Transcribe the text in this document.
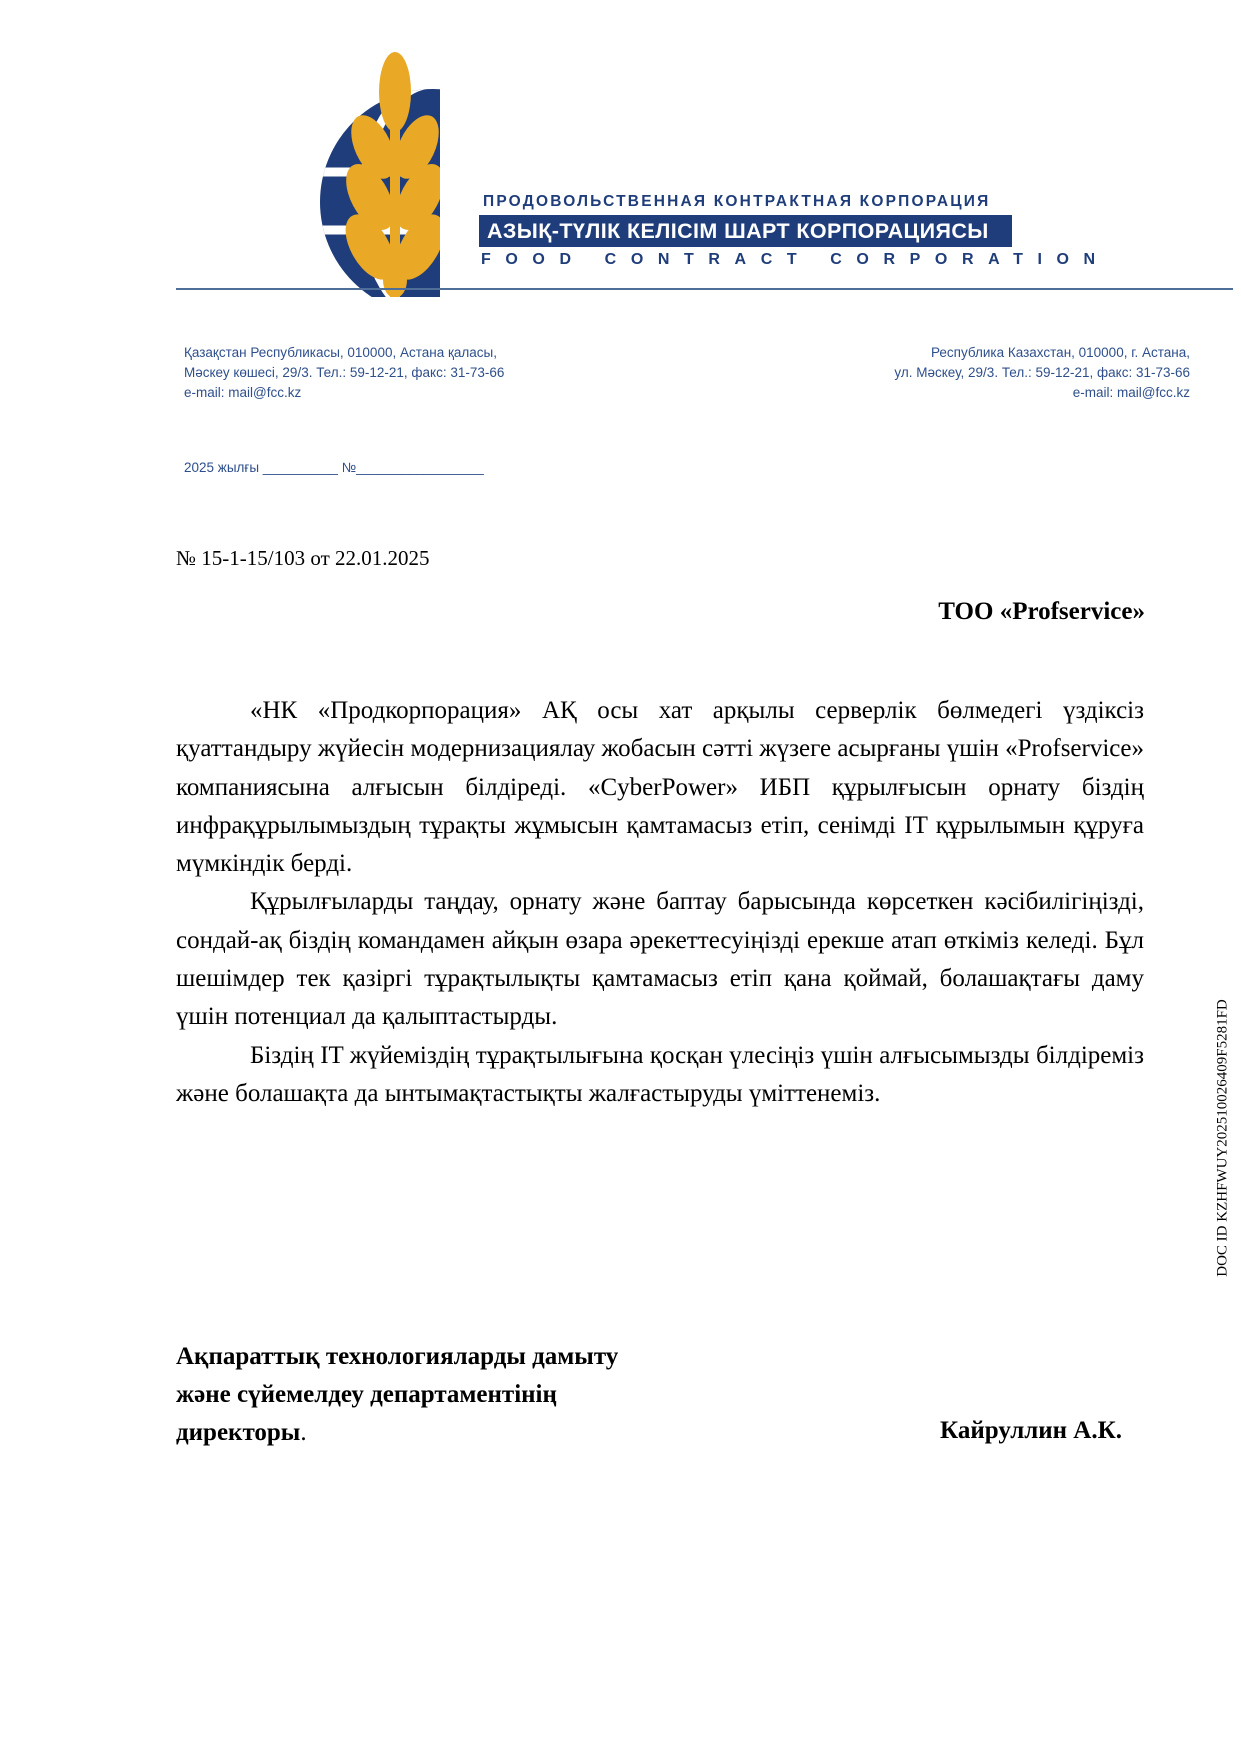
ПРОДОВОЛЬСТВЕННАЯ КОНТРАКТНАЯ КОРПОРАЦИЯ
АЗЫҚ-ТҮЛІК КЕЛІСІМ ШАРТ КОРПОРАЦИЯСЫ
FOOD CONTRACT CORPORATION
Қазақстан Республикасы, 010000, Астана қаласы,
Мәскеу көшесі, 29/3. Тел.: 59-12-21, факс: 31-73-66
e-mail: mail@fcc.kz
Республика Казахстан, 010000, г. Астана,
ул. Мәскеу, 29/3. Тел.: 59-12-21, факс: 31-73-66
e-mail: mail@fcc.kz
2025 жылғы __________ №_________________
№ 15-1-15/103 от 22.01.2025
ТОО «Profservice»

«НК «Продкорпорация» АҚ осы хат арқылы серверлік бөлмедегі үздіксіз қуаттандыру жүйесін модернизациялау жобасын сәтті жүзеге асырғаны үшін «Profservice» компаниясына алғысын білдіреді. «CyberPower» ИБП құрылғысын орнату біздің инфрақұрылымыздың тұрақты жұмысын қамтамасыз етіп, сенімді IT құрылымын құруға мүмкіндік берді.

Құрылғыларды таңдау, орнату және баптау барысында көрсеткен кәсібилігіңізді, сондай-ақ біздің командамен айқын өзара әрекеттесуіңізді ерекше атап өткіміз келеді. Бұл шешімдер тек қазіргі тұрақтылықты қамтамасыз етіп қана қоймай, болашақтағы даму үшін потенциал да қалыптастырды.

Біздің IT жүйеміздің тұрақтылығына қосқан үлесіңіз үшін алғысымызды білдіреміз және болашақта да ынтымақтастықты жалғастыруды үміттенеміз.

Ақпараттық технологияларды дамыту
және сүйемелдеу департаментінің
директоры.	Кайруллин А.К.
DOC ID KZHFWUY20251002640​9F5281FD
